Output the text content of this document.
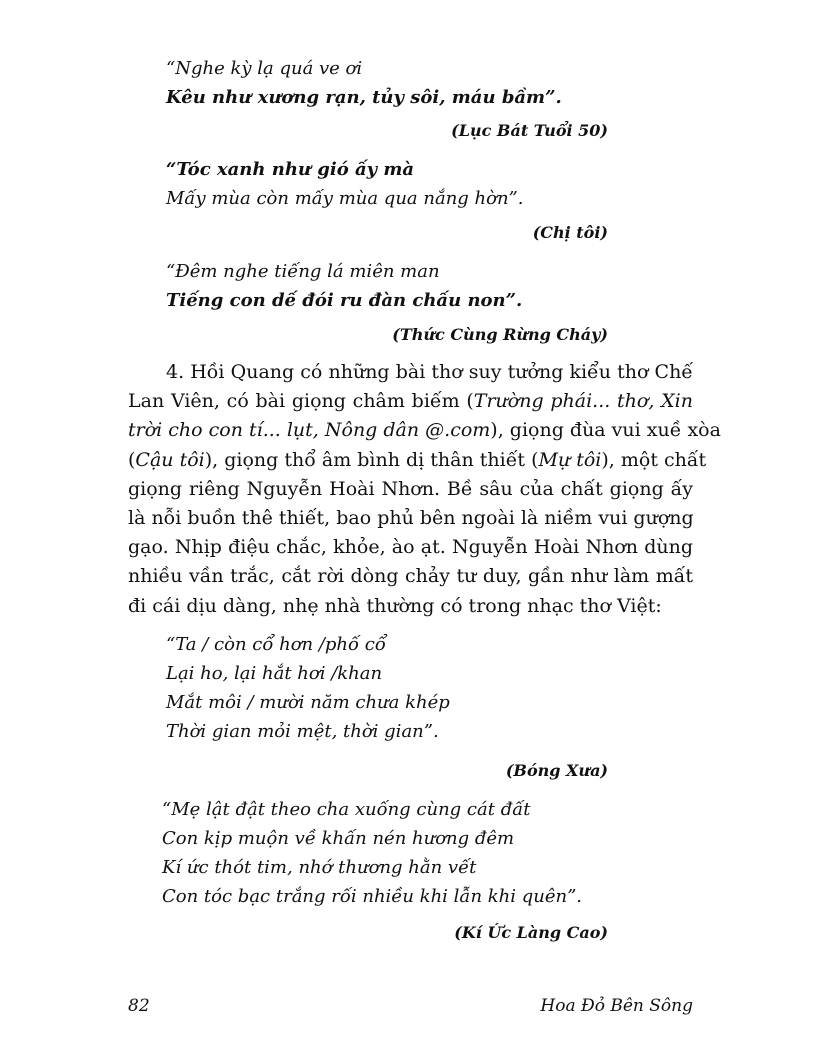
“Nghe kỳ lạ quá ve ơi
Kêu như xương rạn, tủy sôi, máu bầm”.
(Lục Bát Tuổi 50)
“Tóc xanh như gió ấy mà
Mấy mùa còn mấy mùa qua nắng hờn”.
(Chị tôi)
“Đêm nghe tiếng lá miên man
Tiếng con dế đói ru đàn chấu non”.
(Thức Cùng Rừng Cháy)
4. Hồi Quang có những bài thơ suy tưởng kiểu thơ Chế
Lan Viên, có bài giọng châm biếm (Trường phái... thơ, Xin
trời cho con tí... lụt, Nông dân @.com), giọng đùa vui xuề xòa
(Cậu tôi), giọng thổ âm bình dị thân thiết (Mự tôi), một chất
giọng riêng Nguyễn Hoài Nhơn. Bề sâu của chất giọng ấy
là nỗi buồn thê thiết, bao phủ bên ngoài là niềm vui gượng
gạo. Nhịp điệu chắc, khỏe, ào ạt. Nguyễn Hoài Nhơn dùng
nhiều vần trắc, cắt rời dòng chảy tư duy, gần như làm mất
đi cái dịu dàng, nhẹ nhà thường có trong nhạc thơ Việt:
“Ta / còn cổ hơn /phố cổ
Lại ho, lại hắt hơi /khan
Mắt môi / mười năm chưa khép
Thời gian mỏi mệt, thời gian”.
(Bóng Xưa)
“Mẹ lật đật theo cha xuống cùng cát đất
Con kịp muộn về khấn nén hương đêm
Kí ức thót tim, nhớ thương hằn vết
Con tóc bạc trắng rối nhiều khi lẫn khi quên”.
(Kí Ức Làng Cao)
82	Hoa Đỏ Bên Sông
